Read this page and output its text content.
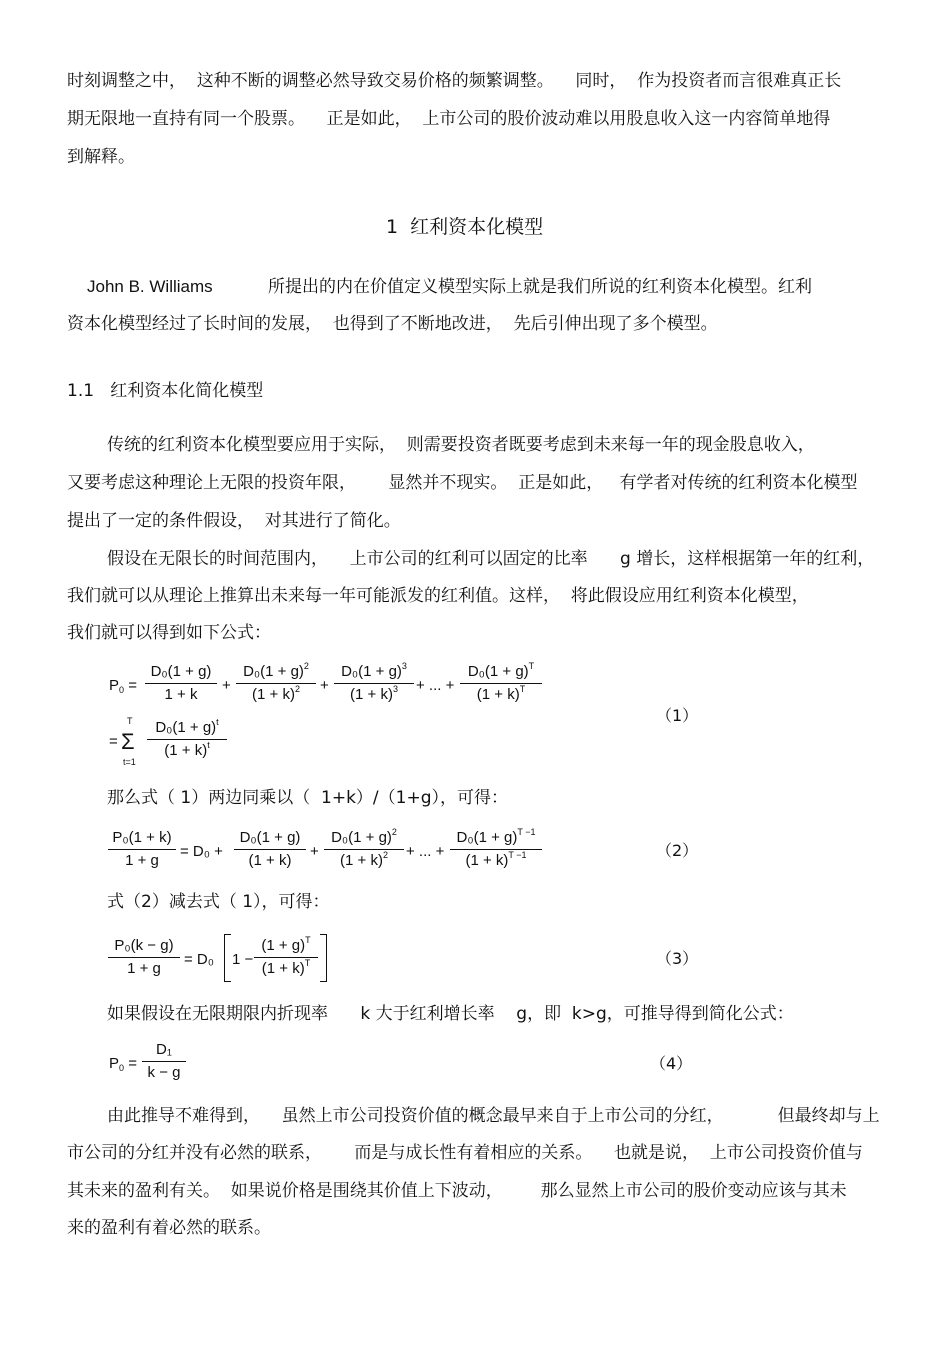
时刻调整之中，  这种不断的调整必然导致交易价格的频繁调整。    同时，  作为投资者而言很难真正长
期无限地一直持有同一个股票。    正是如此，  上市公司的股价波动难以用股息收入这一内容简单地得
到解释。
1  红利资本化模型
John B. Williams	所提出的内在价值定义模型实际上就是我们所说的红利资本化模型。红利
资本化模型经过了长时间的发展，  也得到了不断地改进，  先后引伸出现了多个模型。
1.1   红利资本化简化模型
传统的红利资本化模型要应用于实际，  则需要投资者既要考虑到未来每一年的现金股息收入，
又要考虑这种理论上无限的投资年限，      显然并不现实。  正是如此，   有学者对传统的红利资本化模型
提出了一定的条件假设，  对其进行了简化。
假设在无限长的时间范围内，    上市公司的红利可以固定的比率      g 增长，这样根据第一年的红利，
我们就可以从理论上推算出未来每一年可能派发的红利值。这样，  将此假设应用红利资本化模型，
我们就可以得到如下公式：
$P_0$ =
D₀(1 + g)
1 + k
+
$D_0(1 + g)^2$
$(1 + k)^2$ +
$D_0(1 + g)^3$
$(1 + k)^3$ + ... +
$D_0(1 + g)^T$
$(1 + k)^T$
= Σ
T
t=1
$D_0(1 + g)^t$
$(1 + k)^t$
（1）
那么式（ 1）两边同乘以（  1+k）/（1+g），可得：
P₀(1 + k)
1 + g
= D₀ +
D₀(1 + g)
(1 + k)
+
$D_0(1 + g)^2$
$(1 + k)^2$ + ... +
$D_0(1 + g)^{T -1}$
$(1 + k)^{T -1}$	（2）
式（2）减去式（ 1），可得：
P₀(k − g)
1 + g
= D₀ 1 −
$(1 + g)^T$
$(1 + k)^T$	（3）
如果假设在无限期限内折现率      k 大于红利增长率    g，即  k>g，可推导得到简化公式：
$P_0$ =
D₁
k − g	（4）
由此推导不难得到，    虽然上市公司投资价值的概念最早来自于上市公司的分红，          但最终却与上
市公司的分红并没有必然的联系，      而是与成长性有着相应的关系。    也就是说，  上市公司投资价值与
其未来的盈利有关。  如果说价格是围绕其价值上下波动，       那么显然上市公司的股价变动应该与其未
来的盈利有着必然的联系。
